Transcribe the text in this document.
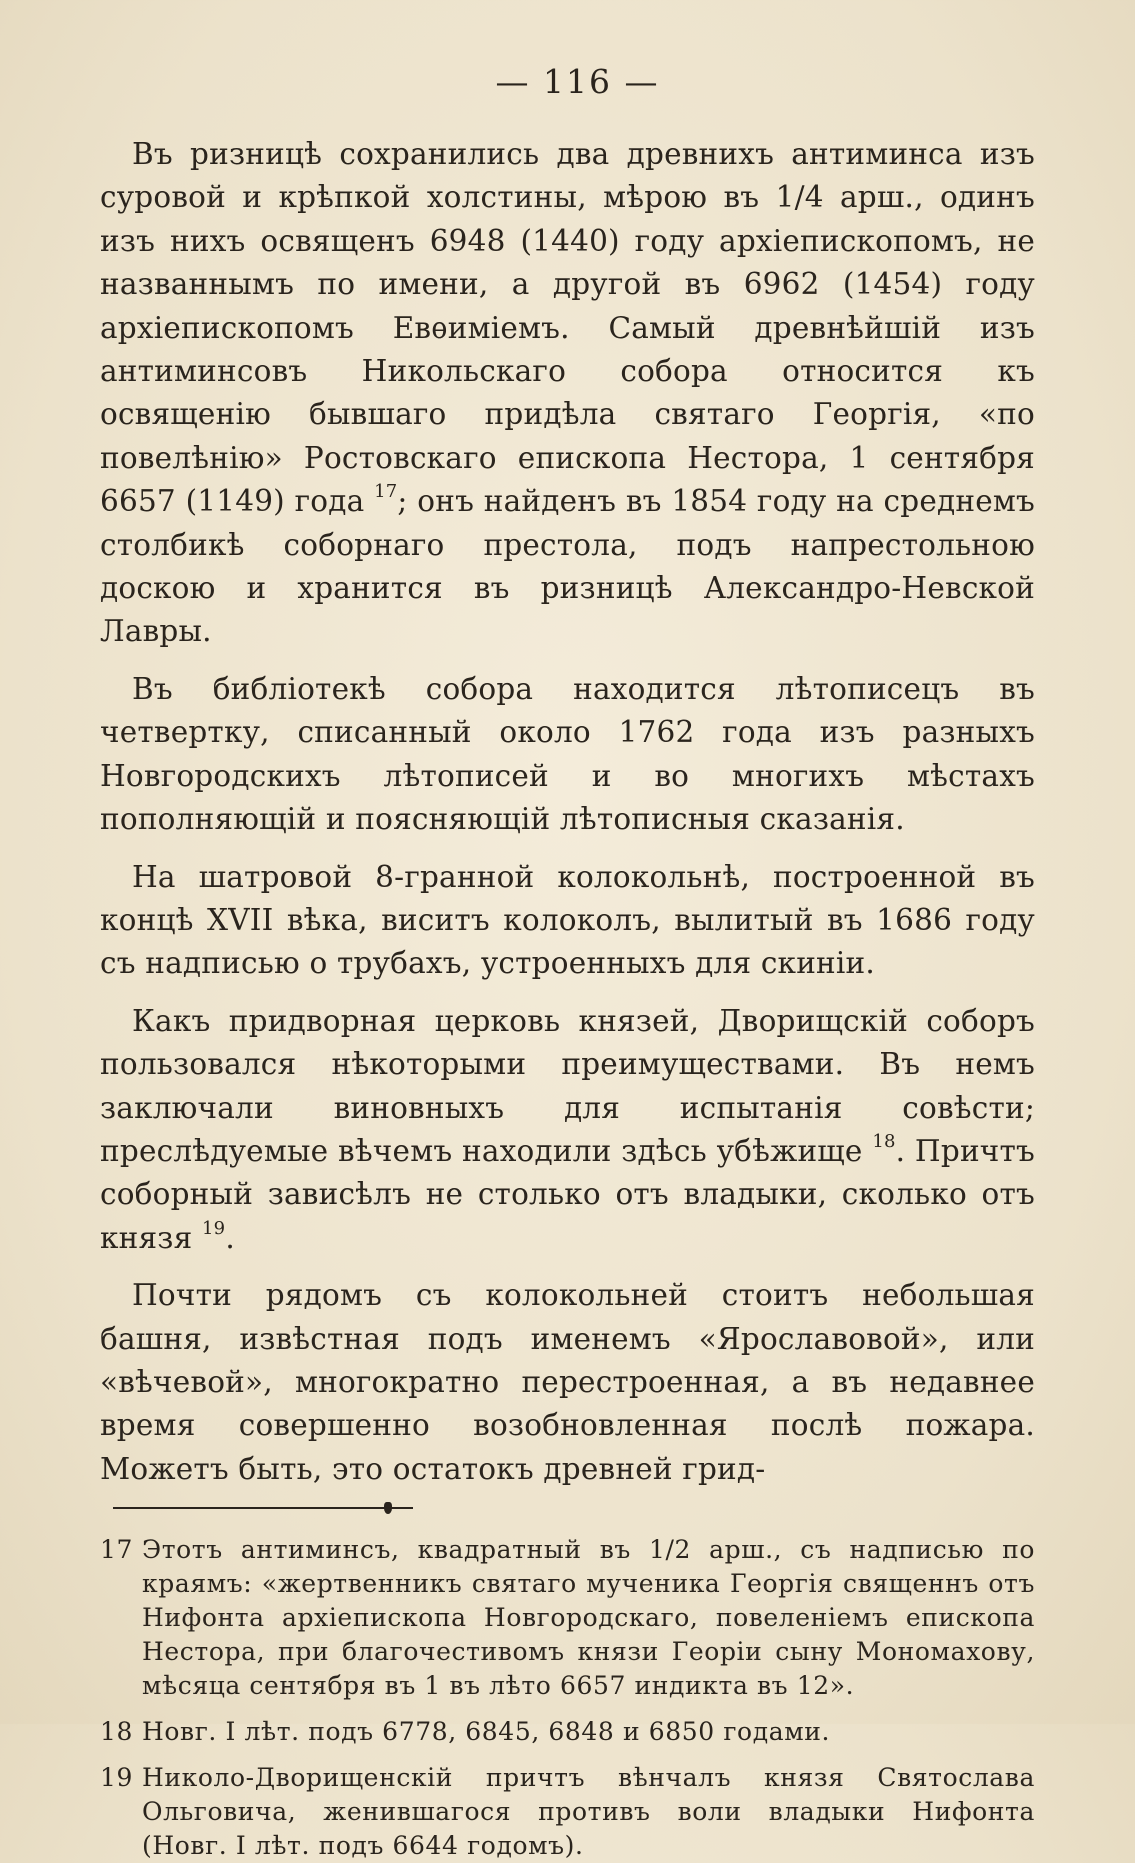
— 116 —

Въ ризницѣ сохранились два древнихъ антиминса изъ суровой и крѣпкой холстины, мѣрою въ 1/4 арш., одинъ изъ нихъ освященъ 6948 (1440) году архіепископомъ, не названнымъ по имени, а другой въ 6962 (1454) году архіепископомъ Евѳиміемъ. Самый древнѣйшій изъ антиминсовъ Никольскаго собора относится къ освященію бывшаго придѣла святаго Георгія, «по повелѣнію» Ростовскаго епископа Нестора, 1 сентября 6657 (1149) года $^{17}$; онъ найденъ въ 1854 году на среднемъ столбикѣ соборнаго престола, подъ напрестольною доскою и хранится въ ризницѣ Александро-Невской Лавры.

Въ библіотекѣ собора находится лѣтописецъ въ четвертку, списанный около 1762 года изъ разныхъ Новгородскихъ лѣтописей и во многихъ мѣстахъ пополняющій и поясняющій лѣтописныя сказанія.

На шатровой 8-гранной колокольнѣ, построенной въ концѣ XVII вѣка, виситъ колоколъ, вылитый въ 1686 году съ надписью о трубахъ, устроенныхъ для скиніи.

Какъ придворная церковь князей, Дворищскій соборъ пользовался нѣкоторыми преимуществами. Въ немъ заключали виновныхъ для испытанія совѣсти; преслѣдуемые вѣчемъ находили здѣсь убѣжище $^{18}$. Причтъ соборный зависѣлъ не столько отъ владыки, сколько отъ князя $^{19}$.

Почти рядомъ съ колокольней стоитъ небольшая башня, извѣстная подъ именемъ «Ярославовой», или «вѣчевой», многократно перестроенная, а въ недавнее время совершенно возобновленная послѣ пожара. Можетъ быть, это остатокъ древней грид-

17 Этотъ антиминсъ, квадратный въ 1/2 арш., съ надписью по краямъ: «жертвенникъ святаго мученика Георгія священнъ отъ Нифонта архіепископа Новгородскаго, повеленіемъ епископа Нестора, при благочестивомъ князи Геоpіи сыну Мономахову, мѣсяца сентября въ 1 въ лѣто 6657 индикта въ 12».
18 Новг. I лѣт. подъ 6778, 6845, 6848 и 6850 годами.
19 Николо-Дворищенскій причтъ вѣнчалъ князя Святослава Ольговича, женившагося противъ воли владыки Нифонта (Новг. I лѣт. подъ 6644 годомъ).
